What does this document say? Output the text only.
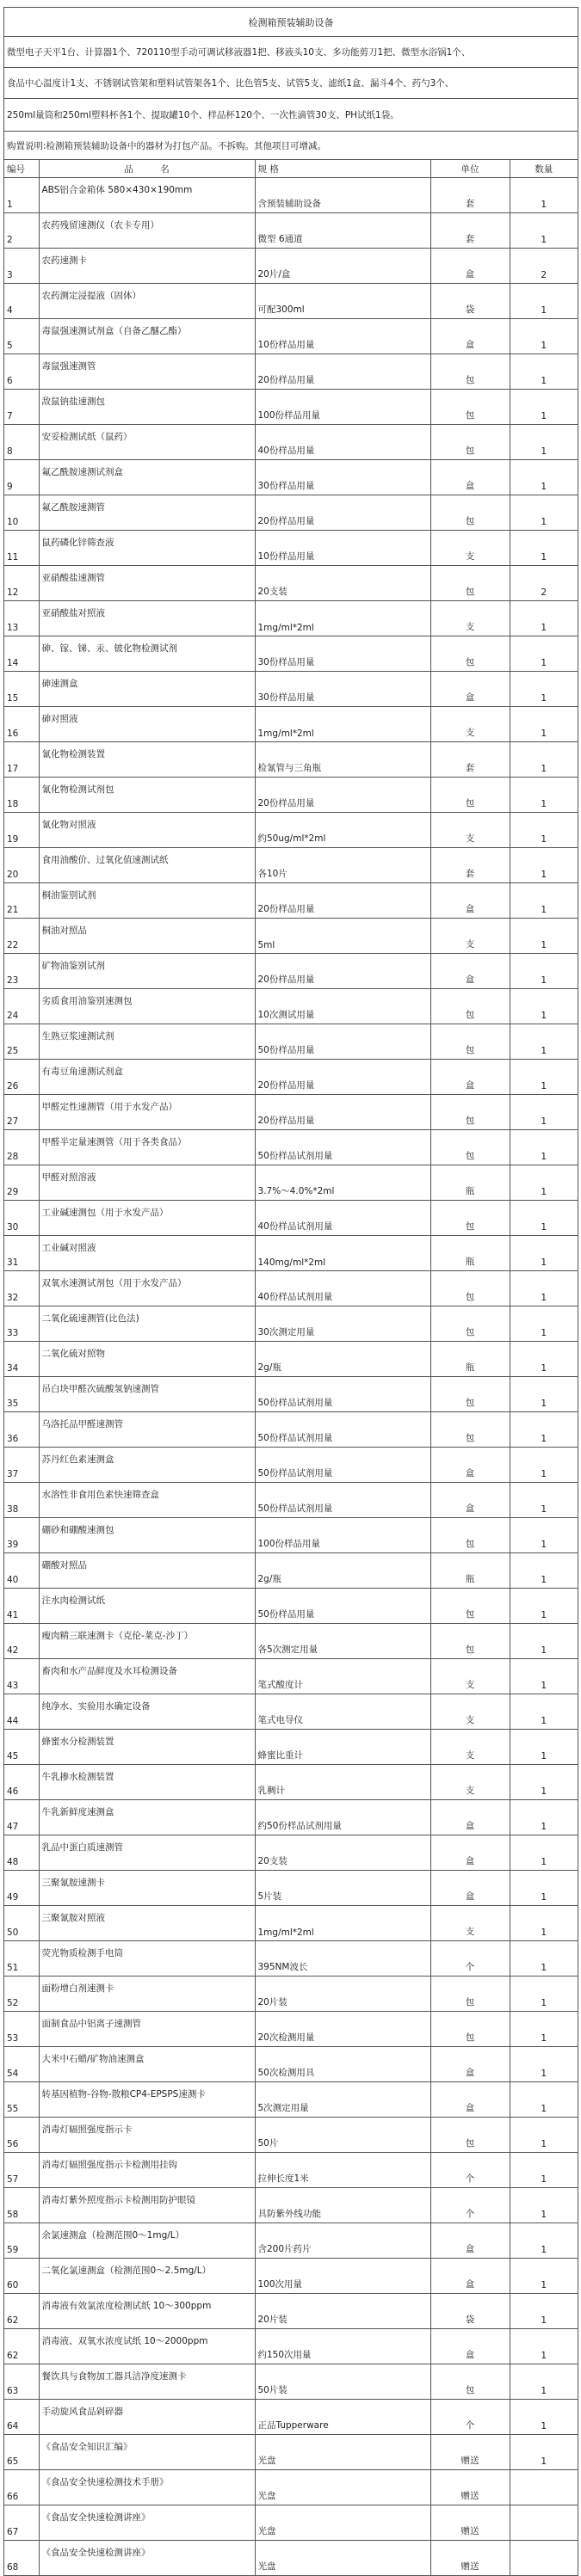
检测箱预装辅助设备
微型电子天平1台、计算器1个、720110型手动可调试移液器1把、移液头10支、多功能剪刀1把、微型水浴锅1个、
食品中心温度计1支、不锈钢试管架和塑料试管架各1个、比色管5支、试管5支、滤纸1盒、漏斗4个、药勺3个、
250ml量筒和250ml塑料杯各1个、提取罐10个、样品杯120个、一次性滴管30支、PH试纸1袋。
购置说明:检测箱预装辅助设备中的器材为打包产品。不拆购。其他项目可增减。
编号	品　　　名	规 格	单位	数量
1	ABS铝合金箱体 580×430×190mm	含预装辅助设备	套	1
2	农药残留速测仪（农卡专用）	微型 6通道	套	1
3	农药速测卡	20片/盒	盒	2
4	农药测定浸提液（固体）	可配300ml	袋	1
5	毒鼠强速测试剂盒（自备乙醚乙酯）	10份样品用量	盒	1
6	毒鼠强速测管	20份样品用量	包	1
7	敌鼠钠盐速测包	100份样品用量	包	1
8	安妥检测试纸（鼠药）	40份样品用量	包	1
9	氟乙酰胺速测试剂盒	30份样品用量	盒	1
10	氟乙酰胺速测管	20份样品用量	包	1
11	鼠药磷化锌筛查液	10份样品用量	支	1
12	亚硝酸盐速测管	20支装	包	2
13	亚硝酸盐对照液	1mg/ml*2ml	支	1
14	砷、镓、锑、汞、铍化物检测试剂	30份样品用量	包	1
15	砷速测盒	30份样品用量	盒	1
16	砷对照液	1mg/ml*2ml	支	1
17	氰化物检测装置	检氰管与三角瓶	套	1
18	氰化物检测试剂包	20份样品用量	包	1
19	氰化物对照液	约50ug/ml*2ml	支	1
20	食用油酸价、过氧化值速测试纸	各10片	套	1
21	桐油鉴别试剂	20份样品用量	盒	1
22	桐油对照品	5ml	支	1
23	矿物油鉴别试剂	20份样品用量	盒	1
24	劣质食用油鉴别速测包	10次测试用量	包	1
25	生熟豆浆速测试剂	50份样品用量	包	1
26	有毒豆角速测试剂盒	20份样品用量	盒	1
27	甲醛定性速测管（用于水发产品）	20份样品用量	包	1
28	甲醛半定量速测管（用于各类食品）	50份样品试剂用量	包	1
29	甲醛对照溶液	3.7%～4.0%*2ml	瓶	1
30	工业碱速测包（用于水发产品）	40份样品试剂用量	包	1
31	工业碱对照液	140mg/ml*2ml	瓶	1
32	双氧水速测试剂包（用于水发产品）	40份样品试剂用量	包	1
33	二氧化硫速测管(比色法)	30次测定用量	包	1
34	二氧化硫对照物	2g/瓶	瓶	1
35	吊白块甲醛次硫酸氢钠速测管	50份样品试剂用量	包	1
36	乌洛托品甲醛速测管	50份样品试剂用量	包	1
37	苏丹红色素速测盒	50份样品试剂用量	盒	1
38	水溶性非食用色素快速筛查盒	50份样品试剂用量	盒	1
39	硼砂和硼酸速测包	100份样品用量	包	1
40	硼酸对照品	2g/瓶	瓶	1
41	注水肉检测试纸	50份样品用量	包	1
42	瘦肉精三联速测卡（克伦-莱克-沙丁）	各5次测定用量	包	1
43	畜肉和水产品鲜度及水耳检测设备	笔式酸度计	支	1
44	纯净水、实验用水确定设备	笔式电导仪	支	1
45	蜂蜜水分检测装置	蜂蜜比重计	支	1
46	牛乳掺水检测装置	乳稠计	支	1
47	牛乳新鲜度速测盒	约50份样品试剂用量	盒	1
48	乳品中蛋白质速测管	20支装	盒	1
49	三聚氰胺速测卡	5片装	盒	1
50	三聚氰胺对照液	1mg/ml*2ml	支	1
51	荧光物质检测手电筒	395NM波长	个	1
52	面粉增白剂速测卡	20片装	包	1
53	面制食品中铝离子速测管	20次检测用量	包	1
54	大米中石蜡/矿物油速测盒	50次检测用具	盒	1
55	转基因植物-谷物-散粮CP4-EPSPS速测卡	5次测定用量	盒	1
56	消毒灯辐照强度指示卡	50片	包	1
57	消毒灯辐照强度指示卡检测用挂钩	拉伸长度1米	个	1
58	消毒灯紫外照度指示卡检测用防护眼镜	具防紫外线功能	个	1
59	余氯速测盒（检测范围0～1mg/L）	含200片药片	盒	1
60	二氧化氯速测盒（检测范围0～2.5mg/L）	100次用量	盒	1
62	消毒液有效氯浓度检测试纸 10～300ppm	20片装	袋	1
62	消毒液、双氧水浓度试纸 10～2000ppm	约150次用量	盒	1
63	餐饮具与食物加工器具洁净度速测卡	50片装	包	1
64	手动旋风食品剁碎器	正品Tupperware	个	1
65	《食品安全知识汇编》	光盘	赠送	1
66	《食品安全快速检测技术手册》	光盘	赠送	
67	《食品安全快速检测讲座》	光盘	赠送	
68	《食品安全快速检测讲座》	光盘	赠送	
